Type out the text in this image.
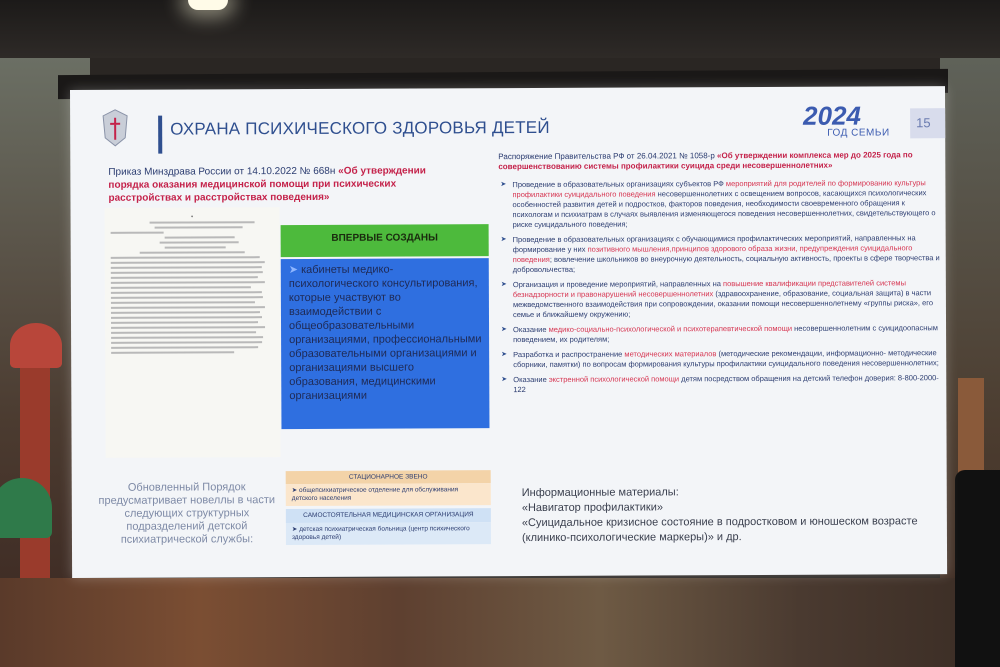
ОХРАНА ПСИХИЧЕСКОГО ЗДОРОВЬЯ ДЕТЕЙ	2024
ГОД СЕМЬИ
15
Приказ Минздрава России от 14.10.2022 № 668н «Об утверждении порядка оказания медицинской помощи при психических расстройствах и расстройствах поведения»
●
ВПЕРВЫЕ СОЗДАНЫ
➤ кабинеты медико-психологического консультирования, которые участвуют во взаимодействии с общеобразовательными организациями, профессиональными образовательными организациями и организациями высшего образования, медицинскими организациями
Распоряжение Правительства РФ от 26.04.2021 № 1058-р «Об утверждении комплекса мер до 2025 года по совершенствованию системы профилактики суицида среди несовершеннолетних»
➤ Проведение в образовательных организациях субъектов РФ мероприятий для родителей по формированию культуры профилактики суицидального поведения несовершеннолетних с освещением вопросов, касающихся психологических особенностей развития детей и подростков, факторов поведения, необходимости своевременного обращения к психологам и психиатрам в случаях выявления изменяющегося поведения несовершеннолетних, свидетельствующего о риске суицидального поведения;
➤ Проведение в образовательных организациях с обучающимися профилактических мероприятий, направленных на формирование у них позитивного мышления,принципов здорового образа жизни, предупреждения суицидального поведения; вовлечение школьников во внеурочную деятельность, социальную активность, проекты в сфере творчества и добровольчества;
➤ Организация и проведение мероприятий, направленных на повышение квалификации представителей системы безнадзорности и правонарушений несовершеннолетних (здравоохранение, образование, социальная защита) в части межведомственного взаимодействия при сопровождении, оказании помощи несовершеннолетнему «группы риска», его семье и ближайшему окружению;
➤ Оказание медико-социально-психологической и психотерапевтической помощи несовершеннолетним с суицидоопасным поведением, их родителям;
➤ Разработка и распространение методических материалов (методические рекомендации, информационно- методические сборники, памятки) по вопросам формирования культуры профилактики суицидального поведения несовершеннолетних;
➤ Оказание экстренной психологической помощи детям посредством обращения на детский телефон доверия: 8-800-2000-122
Обновленный Порядок предусматривает новеллы в части следующих структурных подразделений детской психиатрической службы:
СТАЦИОНАРНОЕ ЗВЕНО
➤ общепсихиатрическое отделение для обслуживания детского населения
САМОСТОЯТЕЛЬНАЯ МЕДИЦИНСКАЯ ОРГАНИЗАЦИЯ
➤ детская психиатрическая больница (центр психического здоровья детей)
Информационные материалы:
«Навигатор профилактики»
«Суицидальное кризисное состояние в подростковом и юношеском возрасте (клинико-психологические маркеры)» и др.
